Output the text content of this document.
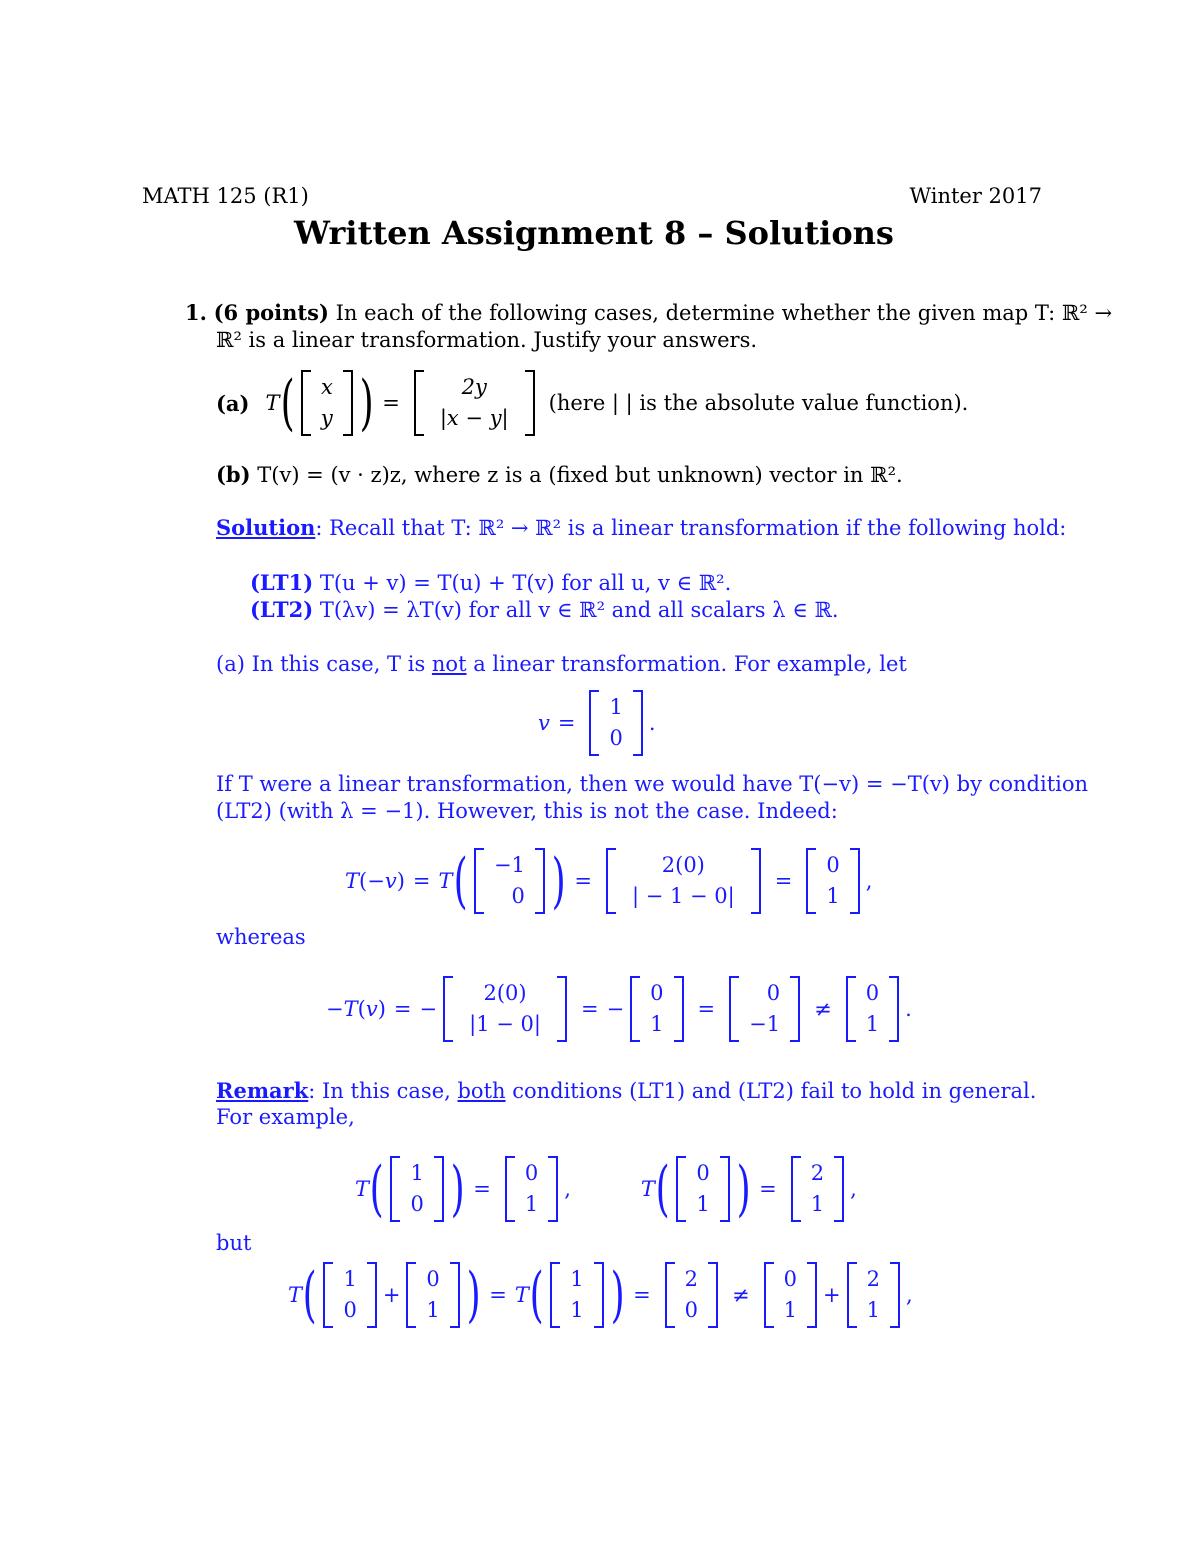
MATH 125 (R1)	Winter 2017
Written Assignment 8 – Solutions
1. (6 points) In each of the following cases, determine whether the given map T: ℝ² →
ℝ² is a linear transformation. Justify your answers.
(a) T ( x
y ) =
2y
|x − y|
(here | | is the absolute value function).
(b) T(v) = (v · z)z, where z is a (fixed but unknown) vector in ℝ².
Solution: Recall that T: ℝ² → ℝ² is a linear transformation if the following hold:
(LT1) T(u + v) = T(u) + T(v) for all u, v ∈ ℝ².
(LT2) T(λv) = λT(v) for all v ∈ ℝ² and all scalars λ ∈ ℝ.
(a) In this case, T is not a linear transformation. For example, let
v =
1
0
.
If T were a linear transformation, then we would have T(−v) = −T(v) by condition
(LT2) (with λ = −1). However, this is not the case. Indeed:
T (− v ) = T ( −1
0 ) =
2(0)
| − 1 − 0|
=
0
1
,
whereas
− T ( v ) = −
2(0)
|1 − 0|
= −
0
1
=
0
−1
≠
0
1
.
Remark: In this case, both conditions (LT1) and (LT2) fail to hold in general.
For example,
T ( 1
0 ) =
0
1
,	T ( 0
1 ) =
2
1
,
but
T ( 1
0
+
0
1 ) = T ( 1
1 ) =
2
0
≠
0
1
+
2
1
,
